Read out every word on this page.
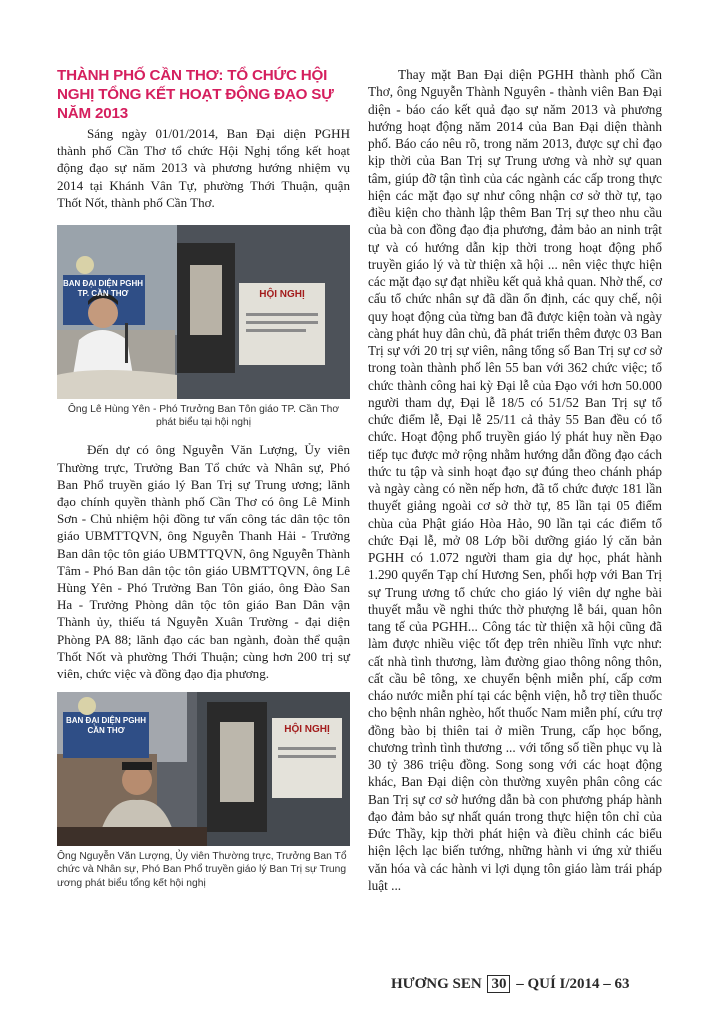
THÀNH PHỐ CẦN THƠ: TỔ CHỨC HỘI NGHỊ TỔNG KẾT HOẠT ĐỘNG ĐẠO SỰ NĂM 2013

Sáng ngày 01/01/2014, Ban Đại diện PGHH thành phố Cần Thơ tổ chức Hội Nghị tổng kết hoạt động đạo sự năm 2013 và phương hướng nhiệm vụ 2014 tại Khánh Vân Tự, phường Thới Thuận, quận Thốt Nốt, thành phố Cần Thơ.

BAN ĐẠI DIỆN PGHH TP. CẦN THƠ	HỘI NGHỊ

Ông Lê Hùng Yên - Phó Trưởng Ban Tôn giáo TP. Cần Thơ phát biểu tại hội nghị

Đến dự có ông Nguyễn Văn Lượng, Ủy viên Thường trực, Trưởng Ban Tổ chức và Nhân sự, Phó Ban Phổ truyền giáo lý Ban Trị sự Trung ương; lãnh đạo chính quyền thành phố Cần Thơ có ông Lê Minh Sơn - Chủ nhiệm hội đồng tư vấn công tác dân tộc tôn giáo UBMTTQVN, ông Nguyễn Thanh Hải - Trưởng Ban dân tộc tôn giáo UBMTTQVN, ông Nguyễn Thành Tâm - Phó Ban dân tộc tôn giáo UBMTTQVN, ông Lê Hùng Yên - Phó Trưởng Ban Tôn giáo, ông Đào San Ha - Trưởng Phòng dân tộc tôn giáo Ban Dân vận Thành ủy, thiếu tá Nguyễn Xuân Trường - đại diện Phòng PA 88; lãnh đạo các ban ngành, đoàn thể quận Thốt Nốt và phường Thới Thuận; cùng hơn 200 trị sự viên, chức việc và đồng đạo địa phương.

BAN ĐẠI DIỆN PGHH CẦN THƠ	HỘI NGHỊ

Ông Nguyễn Văn Lượng, Ủy viên Thường trực, Trưởng Ban Tổ chức và Nhân sự, Phó Ban Phổ truyền giáo lý Ban Trị sự Trung ương phát biểu tổng kết hội nghị

Thay mặt Ban Đại diện PGHH thành phố Cần Thơ, ông Nguyễn Thành Nguyên - thành viên Ban Đại diện - báo cáo kết quả đạo sự năm 2013 và phương hướng hoạt động năm 2014 của Ban Đại diện thành phố. Báo cáo nêu rõ, trong năm 2013, được sự chỉ đạo kịp thời của Ban Trị sự Trung ương và nhờ sự quan tâm, giúp đỡ tận tình của các ngành các cấp trong thực hiện các mặt đạo sự như công nhận cơ sở thờ tự, tạo điều kiện cho thành lập thêm Ban Trị sự theo nhu cầu của bà con đồng đạo địa phương, đảm bảo an ninh trật tự và có hướng dẫn kịp thời trong hoạt động phổ truyền giáo lý và từ thiện xã hội ... nên việc thực hiện các mặt đạo sự đạt nhiều kết quả khả quan. Nhờ thế, cơ cấu tổ chức nhân sự đã dần ổn định, các quy chế, nội quy hoạt động của từng ban đã được kiện toàn và ngày càng phát huy dân chủ, đã phát triển thêm được 03 Ban Trị sự với 20 trị sự viên, nâng tổng số Ban Trị sự cơ sở trong toàn thành phố lên 55 ban với 362 chức việc; tổ chức thành công hai kỳ Đại lễ của Đạo với hơn 50.000 người tham dự, Đại lễ 18/5 có 51/52 Ban Trị sự tổ chức điểm lễ, Đại lễ 25/11 cả thảy 55 Ban đều có tổ chức. Hoạt động phổ truyền giáo lý phát huy nền Đạo tiếp tục được mở rộng nhằm hướng dẫn đồng đạo cách thức tu tập và sinh hoạt đạo sự đúng theo chánh pháp và ngày càng có nền nếp hơn, đã tổ chức được 181 lần thuyết giảng ngoài cơ sở thờ tự, 85 lần tại 05 điểm chùa của Phật giáo Hòa Hảo, 90 lần tại các điểm tổ chức Đại lễ, mở 08 Lớp bồi dưỡng giáo lý căn bản PGHH có 1.072 người tham gia dự học, phát hành 1.290 quyển Tạp chí Hương Sen, phối hợp với Ban Trị sự Trung ương tổ chức cho giáo lý viên dự nghe bài thuyết mẫu về nghi thức thờ phượng lễ bái, quan hôn tang tế của PGHH... Công tác từ thiện xã hội cũng đã làm được nhiều việc tốt đẹp trên nhiều lĩnh vực như: cất nhà tình thương, làm đường giao thông nông thôn, cất cầu bê tông, xe chuyển bệnh miễn phí, cấp cơm cháo nước miễn phí tại các bệnh viện, hỗ trợ tiền thuốc cho bệnh nhân nghèo, hốt thuốc Nam miễn phí, cứu trợ đồng bào bị thiên tai ở miền Trung, cấp học bổng, chương trình tình thương ... với tổng số tiền phục vụ là 30 tỷ 386 triệu đồng. Song song với các hoạt động khác, Ban Đại diện còn thường xuyên phân công các Ban Trị sự cơ sở hướng dẫn bà con phương pháp hành đạo đảm bảo sự nhất quán trong thực hiện tôn chỉ của Đức Thầy, kịp thời phát hiện và điều chỉnh các biểu hiện lệch lạc biến tướng, những hành vi ứng xử thiếu văn hóa và các hành vi lợi dụng tôn giáo làm trái pháp luật ...

HƯƠNG SEN 30 – QUÍ I/2014 – 63
